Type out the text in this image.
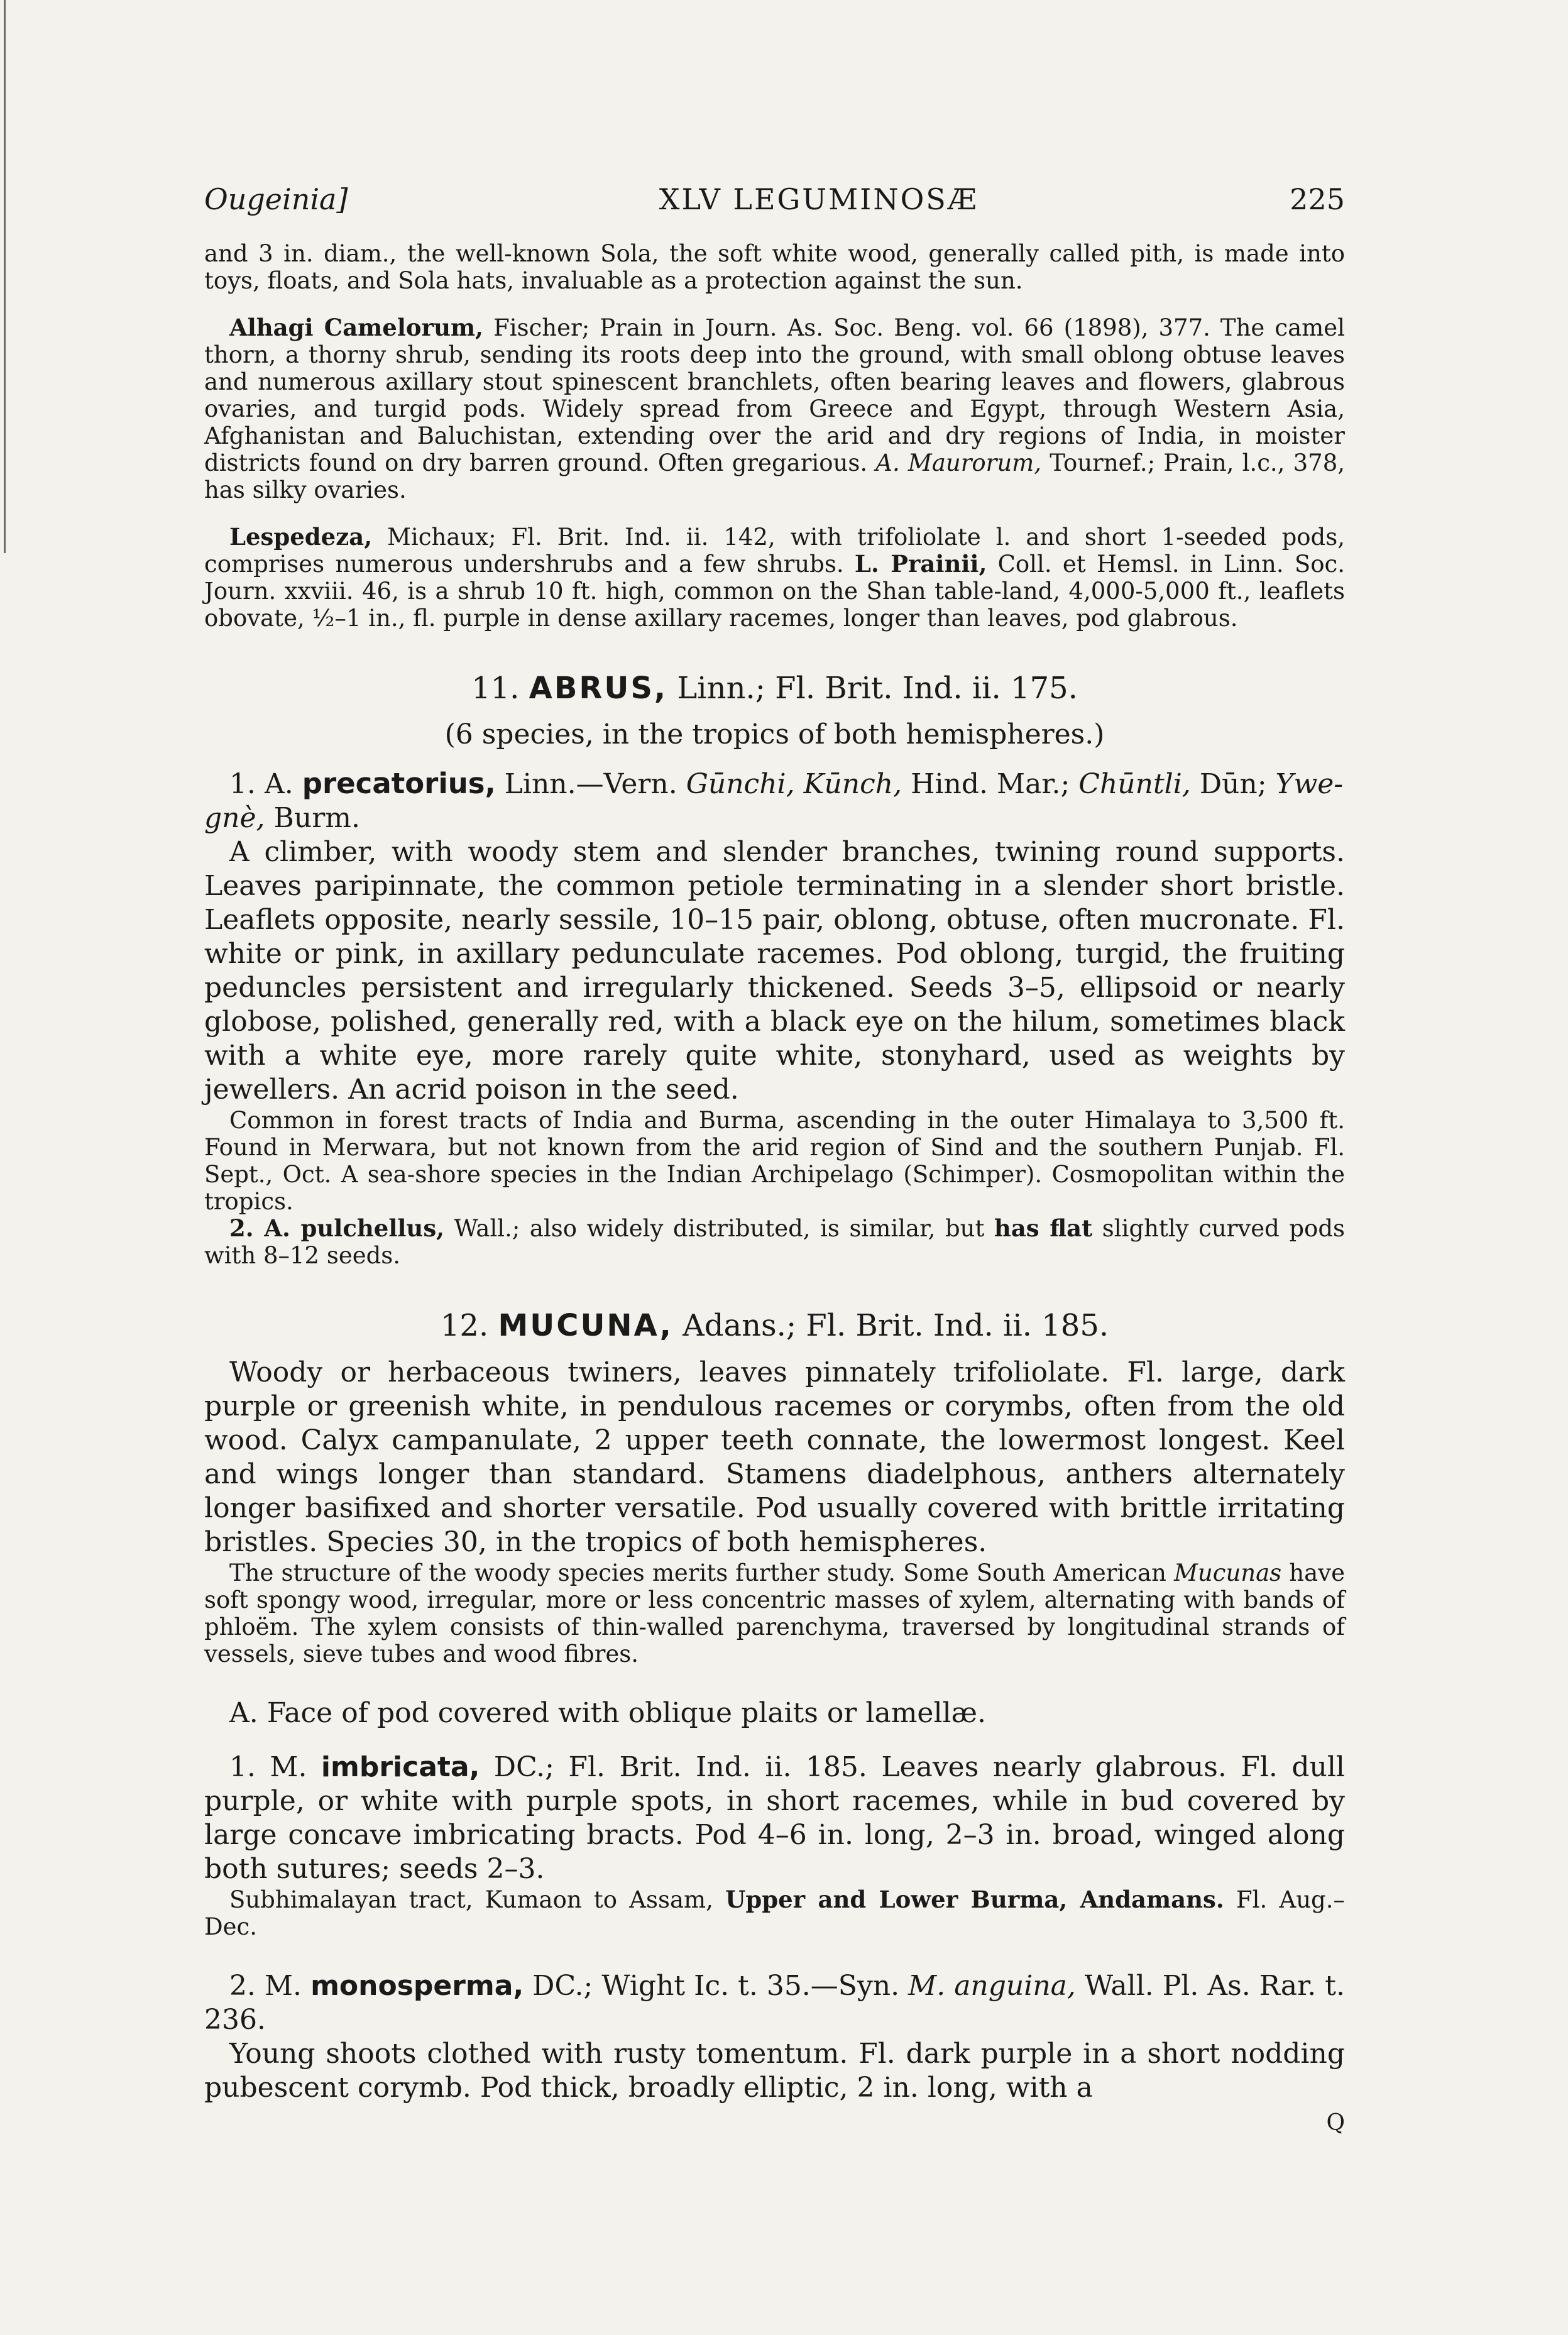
Ougeinia]	XLV LEGUMINOSÆ	225

and 3 in. diam., the well-known Sola, the soft white wood, generally called pith, is made into toys, floats, and Sola hats, invaluable as a protection against the sun.

Alhagi Camelorum, Fischer; Prain in Journ. As. Soc. Beng. vol. 66 (1898), 377. The camel thorn, a thorny shrub, sending its roots deep into the ground, with small oblong obtuse leaves and numerous axillary stout spinescent branchlets, often bearing leaves and flowers, glabrous ovaries, and turgid pods. Widely spread from Greece and Egypt, through Western Asia, Afghanistan and Baluchistan, extending over the arid and dry regions of India, in moister districts found on dry barren ground. Often gregarious. A. Maurorum, Tournef.; Prain, l.c., 378, has silky ovaries.

Lespedeza, Michaux; Fl. Brit. Ind. ii. 142, with trifoliolate l. and short 1-seeded pods, comprises numerous undershrubs and a few shrubs. L. Prainii, Coll. et Hemsl. in Linn. Soc. Journ. xxviii. 46, is a shrub 10 ft. high, common on the Shan table-land, 4,000-5,000 ft., leaflets obovate, ½–1 in., fl. purple in dense axillary racemes, longer than leaves, pod glabrous.

11. ABRUS, Linn.; Fl. Brit. Ind. ii. 175.

(6 species, in the tropics of both hemispheres.)

1. A. precatorius, Linn.—Vern. Gūnchi, Kūnch, Hind. Mar.; Chūntli, Dūn; Ywe-gnè, Burm.

A climber, with woody stem and slender branches, twining round supports. Leaves paripinnate, the common petiole terminating in a slender short bristle. Leaflets opposite, nearly sessile, 10–15 pair, oblong, obtuse, often mucronate. Fl. white or pink, in axillary pedunculate racemes. Pod oblong, turgid, the fruiting peduncles persistent and irregularly thickened. Seeds 3–5, ellipsoid or nearly globose, polished, generally red, with a black eye on the hilum, sometimes black with a white eye, more rarely quite white, stonyhard, used as weights by jewellers. An acrid poison in the seed.

Common in forest tracts of India and Burma, ascending in the outer Himalaya to 3,500 ft. Found in Merwara, but not known from the arid region of Sind and the southern Punjab. Fl. Sept., Oct. A sea-shore species in the Indian Archipelago (Schimper). Cosmopolitan within the tropics.

2. A. pulchellus, Wall.; also widely distributed, is similar, but has flat slightly curved pods with 8–12 seeds.

12. MUCUNA, Adans.; Fl. Brit. Ind. ii. 185.

Woody or herbaceous twiners, leaves pinnately trifoliolate. Fl. large, dark purple or greenish white, in pendulous racemes or corymbs, often from the old wood. Calyx campanulate, 2 upper teeth connate, the lowermost longest. Keel and wings longer than standard. Stamens diadelphous, anthers alternately longer basifixed and shorter versatile. Pod usually covered with brittle irritating bristles. Species 30, in the tropics of both hemispheres.

The structure of the woody species merits further study. Some South American Mucunas have soft spongy wood, irregular, more or less concentric masses of xylem, alternating with bands of phloëm. The xylem consists of thin-walled parenchyma, traversed by longitudinal strands of vessels, sieve tubes and wood fibres.

A. Face of pod covered with oblique plaits or lamellæ.

1. M. imbricata, DC.; Fl. Brit. Ind. ii. 185. Leaves nearly glabrous. Fl. dull purple, or white with purple spots, in short racemes, while in bud covered by large concave imbricating bracts. Pod 4–6 in. long, 2–3 in. broad, winged along both sutures; seeds 2–3.

Subhimalayan tract, Kumaon to Assam, Upper and Lower Burma, Andamans. Fl. Aug.–Dec.

2. M. monosperma, DC.; Wight Ic. t. 35.—Syn. M. anguina, Wall. Pl. As. Rar. t. 236.

Young shoots clothed with rusty tomentum. Fl. dark purple in a short nodding pubescent corymb. Pod thick, broadly elliptic, 2 in. long, with a

Q
